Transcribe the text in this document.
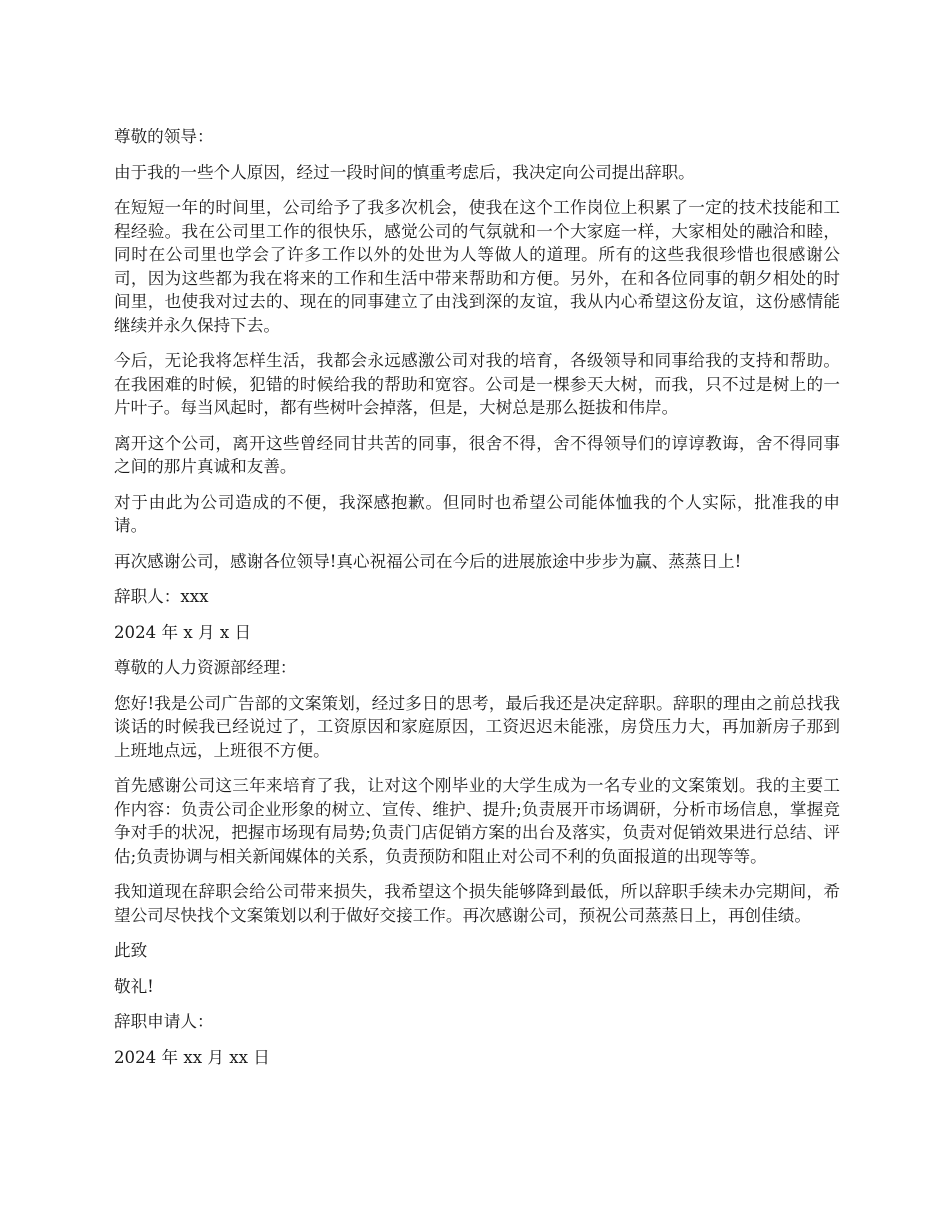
尊敬的领导：

由于我的一些个人原因，经过一段时间的慎重考虑后，我决定向公司提出辞职。

在短短一年的时间里，公司给予了我多次机会，使我在这个工作岗位上积累了一定的技术技能和工程经验。我在公司里工作的很快乐，感觉公司的气氛就和一个大家庭一样，大家相处的融洽和睦，同时在公司里也学会了许多工作以外的处世为人等做人的道理。所有的这些我很珍惜也很感谢公司，因为这些都为我在将来的工作和生活中带来帮助和方便。另外，在和各位同事的朝夕相处的时间里，也使我对过去的、现在的同事建立了由浅到深的友谊，我从内心希望这份友谊，这份感情能继续并永久保持下去。

今后，无论我将怎样生活，我都会永远感激公司对我的培育，各级领导和同事给我的支持和帮助。在我困难的时候，犯错的时候给我的帮助和宽容。公司是一棵参天大树，而我，只不过是树上的一片叶子。每当风起时，都有些树叶会掉落，但是，大树总是那么挺拔和伟岸。

离开这个公司，离开这些曾经同甘共苦的同事，很舍不得，舍不得领导们的谆谆教诲，舍不得同事之间的那片真诚和友善。

对于由此为公司造成的不便，我深感抱歉。但同时也希望公司能体恤我的个人实际，批准我的申请。

再次感谢公司，感谢各位领导!真心祝福公司在今后的进展旅途中步步为赢、蒸蒸日上!

辞职人：xxx

2024 年 x 月 x 日

尊敬的人力资源部经理：

您好!我是公司广告部的文案策划，经过多日的思考，最后我还是决定辞职。辞职的理由之前总找我谈话的时候我已经说过了，工资原因和家庭原因，工资迟迟未能涨，房贷压力大，再加新房子那到上班地点远，上班很不方便。

首先感谢公司这三年来培育了我，让对这个刚毕业的大学生成为一名专业的文案策划。我的主要工作内容：负责公司企业形象的树立、宣传、维护、提升;负责展开市场调研，分析市场信息，掌握竞争对手的状况，把握市场现有局势;负责门店促销方案的出台及落实，负责对促销效果进行总结、评估;负责协调与相关新闻媒体的关系，负责预防和阻止对公司不利的负面报道的出现等等。

我知道现在辞职会给公司带来损失，我希望这个损失能够降到最低，所以辞职手续未办完期间，希望公司尽快找个文案策划以利于做好交接工作。再次感谢公司，预祝公司蒸蒸日上，再创佳绩。

此致

敬礼!

辞职申请人：

2024 年 xx 月 xx 日
